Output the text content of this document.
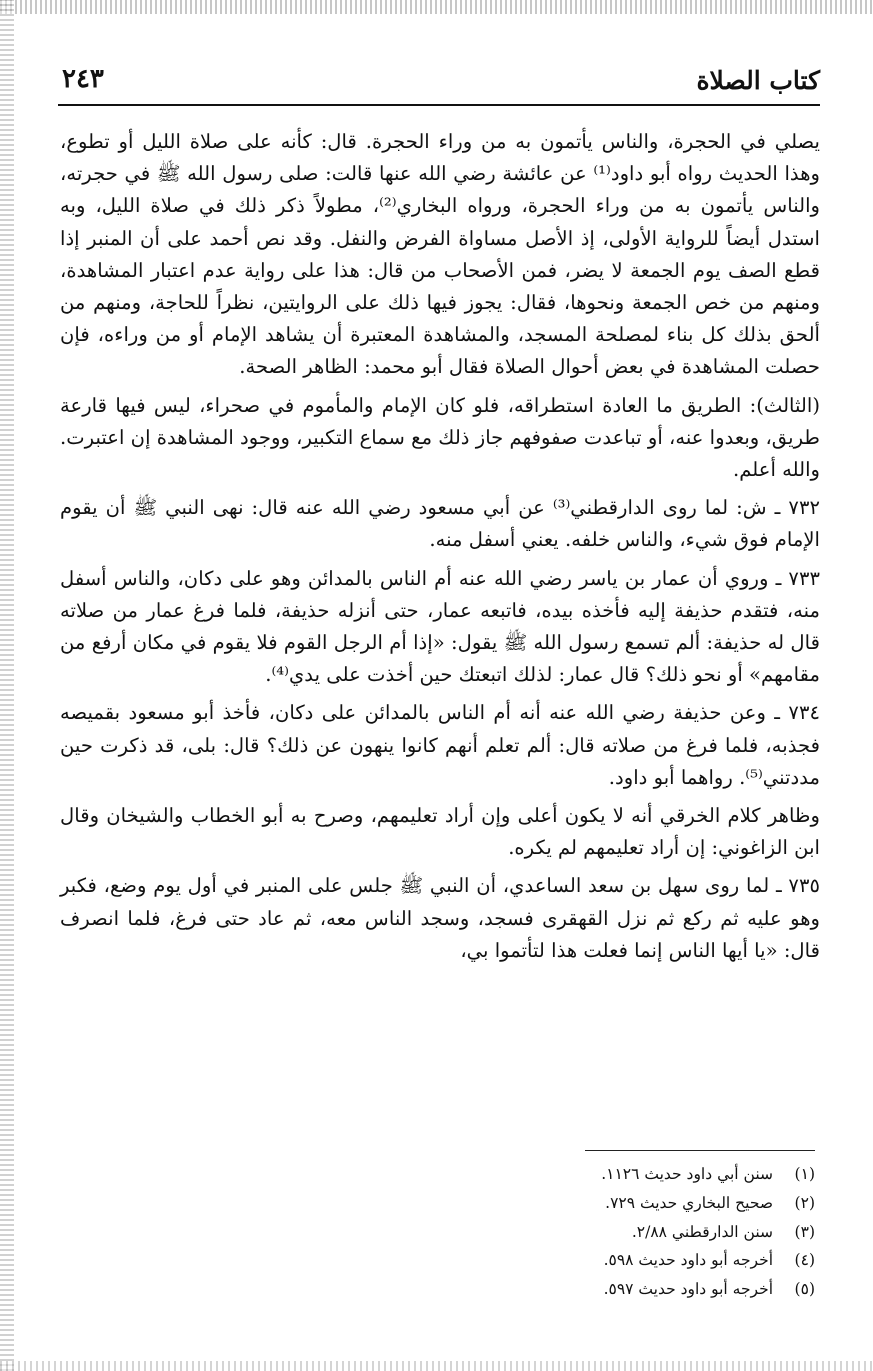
كتاب الصلاة
٢٤٣

يصلي في الحجرة، والناس يأتمون به من وراء الحجرة. قال: كأنه على صلاة الليل أو تطوع، وهذا الحديث رواه أبو داود⁽¹⁾ عن عائشة رضي الله عنها قالت: صلى رسول الله ﷺ في حجرته، والناس يأتمون به من وراء الحجرة، ورواه البخاري⁽²⁾، مطولاً ذكر ذلك في صلاة الليل، وبه استدل أيضاً للرواية الأولى، إذ الأصل مساواة الفرض والنفل. وقد نص أحمد على أن المنبر إذا قطع الصف يوم الجمعة لا يضر، فمن الأصحاب من قال: هذا على رواية عدم اعتبار المشاهدة، ومنهم من خص الجمعة ونحوها، فقال: يجوز فيها ذلك على الروايتين، نظراً للحاجة، ومنهم من ألحق بذلك كل بناء لمصلحة المسجد، والمشاهدة المعتبرة أن يشاهد الإمام أو من وراءه، فإن حصلت المشاهدة في بعض أحوال الصلاة فقال أبو محمد: الظاهر الصحة.

(الثالث): الطريق ما العادة استطراقه، فلو كان الإمام والمأموم في صحراء، ليس فيها قارعة طريق، وبعدوا عنه، أو تباعدت صفوفهم جاز ذلك مع سماع التكبير، ووجود المشاهدة إن اعتبرت. والله أعلم.

٧٣٢ ـ ش: لما روى الدارقطني⁽³⁾ عن أبي مسعود رضي الله عنه قال: نهى النبي ﷺ أن يقوم الإمام فوق شيء، والناس خلفه. يعني أسفل منه.

٧٣٣ ـ وروي أن عمار بن ياسر رضي الله عنه أم الناس بالمدائن وهو على دكان، والناس أسفل منه، فتقدم حذيفة إليه فأخذه بيده، فاتبعه عمار، حتى أنزله حذيفة، فلما فرغ عمار من صلاته قال له حذيفة: ألم تسمع رسول الله ﷺ يقول: «إذا أم الرجل القوم فلا يقوم في مكان أرفع من مقامهم» أو نحو ذلك؟ قال عمار: لذلك اتبعتك حين أخذت على يدي⁽⁴⁾.

٧٣٤ ـ وعن حذيفة رضي الله عنه أنه أم الناس بالمدائن على دكان، فأخذ أبو مسعود بقميصه فجذبه، فلما فرغ من صلاته قال: ألم تعلم أنهم كانوا ينهون عن ذلك؟ قال: بلى، قد ذكرت حين مددتني⁽⁵⁾. رواهما أبو داود.

وظاهر كلام الخرقي أنه لا يكون أعلى وإن أراد تعليمهم، وصرح به أبو الخطاب والشيخان وقال ابن الزاغوني: إن أراد تعليمهم لم يكره.

٧٣٥ ـ لما روى سهل بن سعد الساعدي، أن النبي ﷺ جلس على المنبر في أول يوم وضع، فكبر وهو عليه ثم ركع ثم نزل القهقرى فسجد، وسجد الناس معه، ثم عاد حتى فرغ، فلما انصرف قال: «يا أيها الناس إنما فعلت هذا لتأتموا بي،

(١)سنن أبي داود حديث ١١٢٦.
(٢)صحيح البخاري حديث ٧٢٩.
(٣)سنن الدارقطني ٢/٨٨.
(٤)أخرجه أبو داود حديث ٥٩٨.
(٥)أخرجه أبو داود حديث ٥٩٧.
